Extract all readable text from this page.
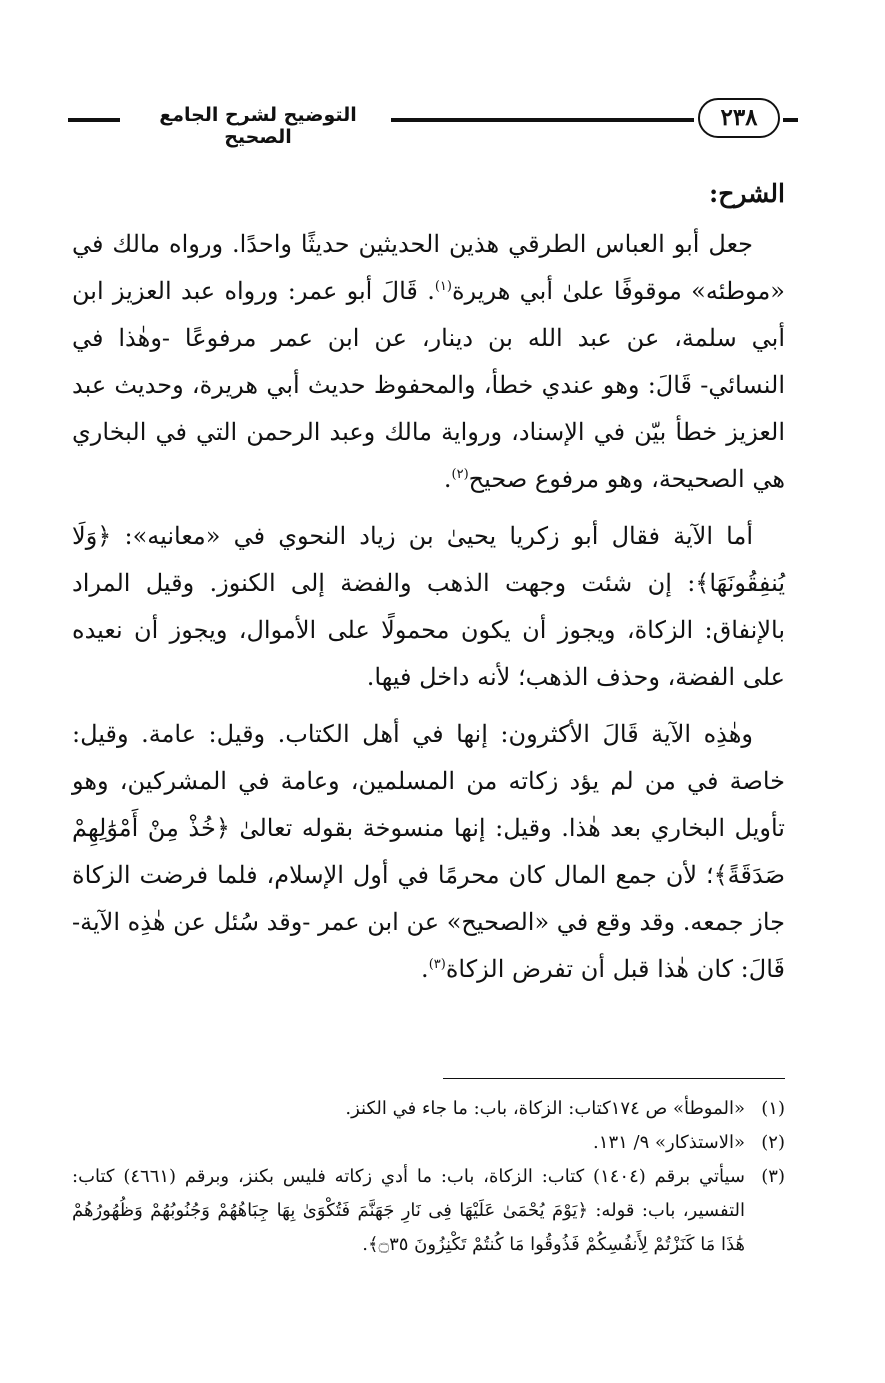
التوضيح لشرح الجامع الصحيح
٢٣٨

الشرح:

جعل أبو العباس الطرقي هذين الحديثين حديثًا واحدًا. ورواه مالك في «موطئه» موقوفًا علىٰ أبي هريرة$^{(١)}$. قَالَ أبو عمر: ورواه عبد العزيز ابن أبي سلمة، عن عبد الله بن دينار، عن ابن عمر مرفوعًا -وهٰذا في النسائي- قَالَ: وهو عندي خطأ، والمحفوظ حديث أبي هريرة، وحديث عبد العزيز خطأ بيّن في الإسناد، ورواية مالك وعبد الرحمن التي في البخاري هي الصحيحة، وهو مرفوع صحيح$^{(٢)}$.

أما الآية فقال أبو زكريا يحيىٰ بن زياد النحوي في «معانيه»: ﴿وَلَا يُنفِقُونَهَا﴾: إن شئت وجهت الذهب والفضة إلى الكنوز. وقيل المراد بالإنفاق: الزكاة، ويجوز أن يكون محمولًا على الأموال، ويجوز أن نعيده على الفضة، وحذف الذهب؛ لأنه داخل فيها.

وهٰذِه الآية قَالَ الأكثرون: إنها في أهل الكتاب. وقيل: عامة. وقيل: خاصة في من لم يؤد زكاته من المسلمين، وعامة في المشركين، وهو تأويل البخاري بعد هٰذا. وقيل: إنها منسوخة بقوله تعالىٰ ﴿خُذْ مِنْ أَمْوَٰلِهِمْ صَدَقَةً﴾؛ لأن جمع المال كان محرمًا في أول الإسلام، فلما فرضت الزكاة جاز جمعه. وقد وقع في «الصحيح» عن ابن عمر -وقد سُئل عن هٰذِه الآية- قَالَ: كان هٰذا قبل أن تفرض الزكاة$^{(٣)}$.

(١)
«الموطأ» ص ١٧٤كتاب: الزكاة، باب: ما جاء في الكنز.
(٢)
«الاستذكار» ٩/ ١٣١.
(٣)
سيأتي برقم (١٤٠٤) كتاب: الزكاة، باب: ما أدي زكاته فليس بكنز، وبرقم (٤٦٦١) كتاب: التفسير، باب: قوله: ﴿يَوْمَ يُحْمَىٰ عَلَيْهَا فِى نَارِ جَهَنَّمَ فَتُكْوَىٰ بِهَا جِبَاهُهُمْ وَجُنُوبُهُمْ وَظُهُورُهُمْ هَٰذَا مَا كَنَزْتُمْ لِأَنفُسِكُمْ فَذُوقُوا مَا كُنتُمْ تَكْنِزُونَ ۝٣٥﴾.
